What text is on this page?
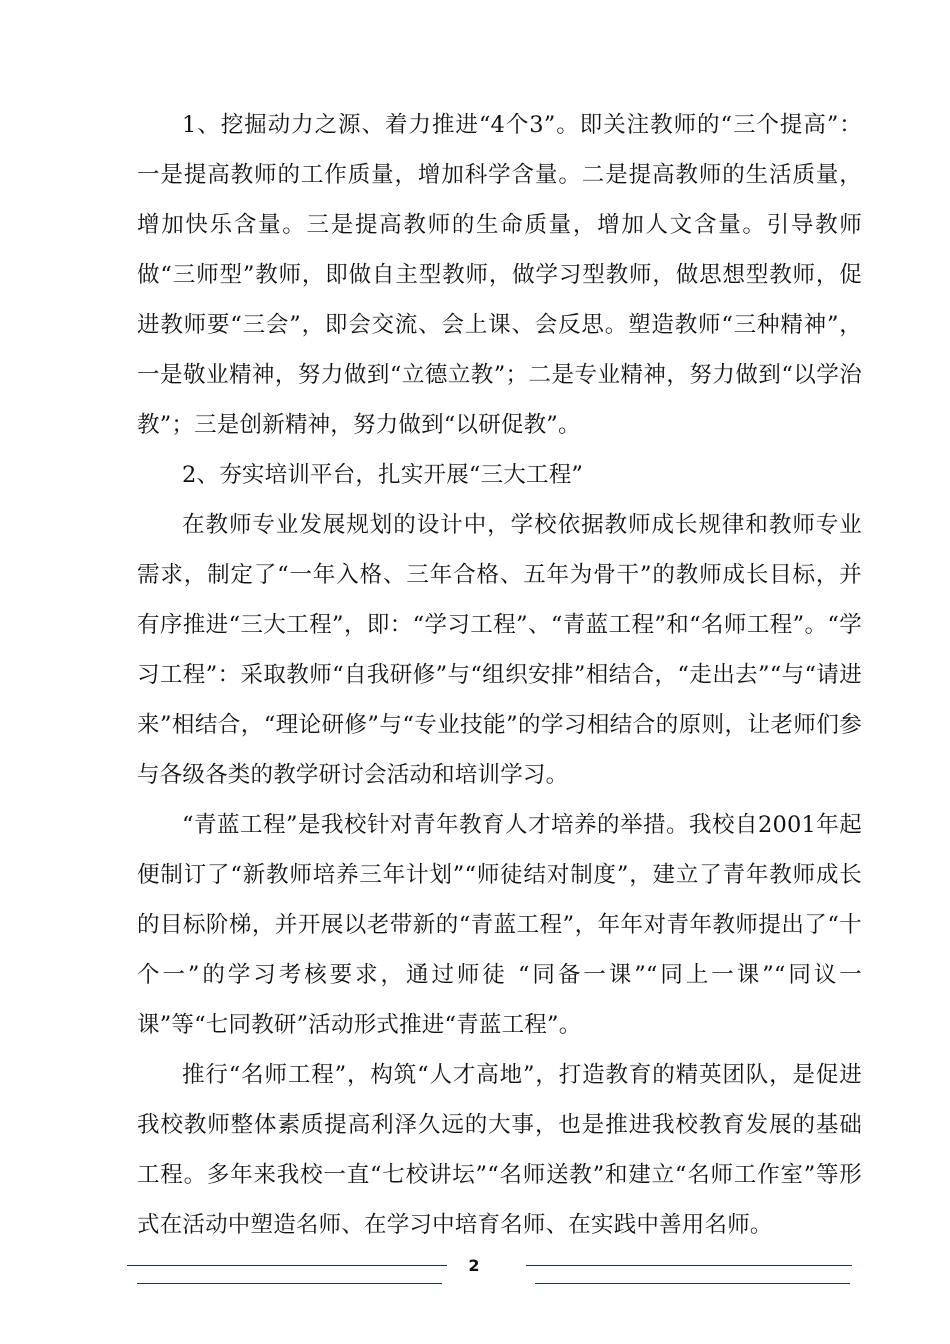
1、挖掘动力之源、着力推进“4个3”。即关注教师的“三个提高”：一是提高教师的工作质量，增加科学含量。二是提高教师的生活质量，增加快乐含量。三是提高教师的生命质量，增加人文含量。引导教师做“三师型”教师，即做自主型教师，做学习型教师，做思想型教师，促进教师要“三会”，即会交流、会上课、会反思。塑造教师“三种精神”，一是敬业精神，努力做到“立德立教”；二是专业精神，努力做到“以学治教”；三是创新精神，努力做到“以研促教”。

2、夯实培训平台，扎实开展“三大工程”

在教师专业发展规划的设计中，学校依据教师成长规律和教师专业需求，制定了“一年入格、三年合格、五年为骨干”的教师成长目标，并有序推进“三大工程”，即：“学习工程”、“青蓝工程”和“名师工程”。“学习工程”：采取教师“自我研修”与“组织安排”相结合，“走出去”“与“请进来”相结合，“理论研修”与“专业技能”的学习相结合的原则，让老师们参与各级各类的教学研讨会活动和培训学习。

“青蓝工程”是我校针对青年教育人才培养的举措。我校自2001年起便制订了“新教师培养三年计划”“师徒结对制度”，建立了青年教师成长的目标阶梯，并开展以老带新的“青蓝工程”，年年对青年教师提出了“十个一”的学习考核要求，通过师徒 “同备一课”“同上一课”“同议一课”等“七同教研”活动形式推进“青蓝工程”。

推行“名师工程”，构筑“人才高地”，打造教育的精英团队，是促进我校教师整体素质提高利泽久远的大事，也是推进我校教育发展的基础工程。多年来我校一直“七校讲坛”“名师送教”和建立“名师工作室”等形式在活动中塑造名师、在学习中培育名师、在实践中善用名师。

2
